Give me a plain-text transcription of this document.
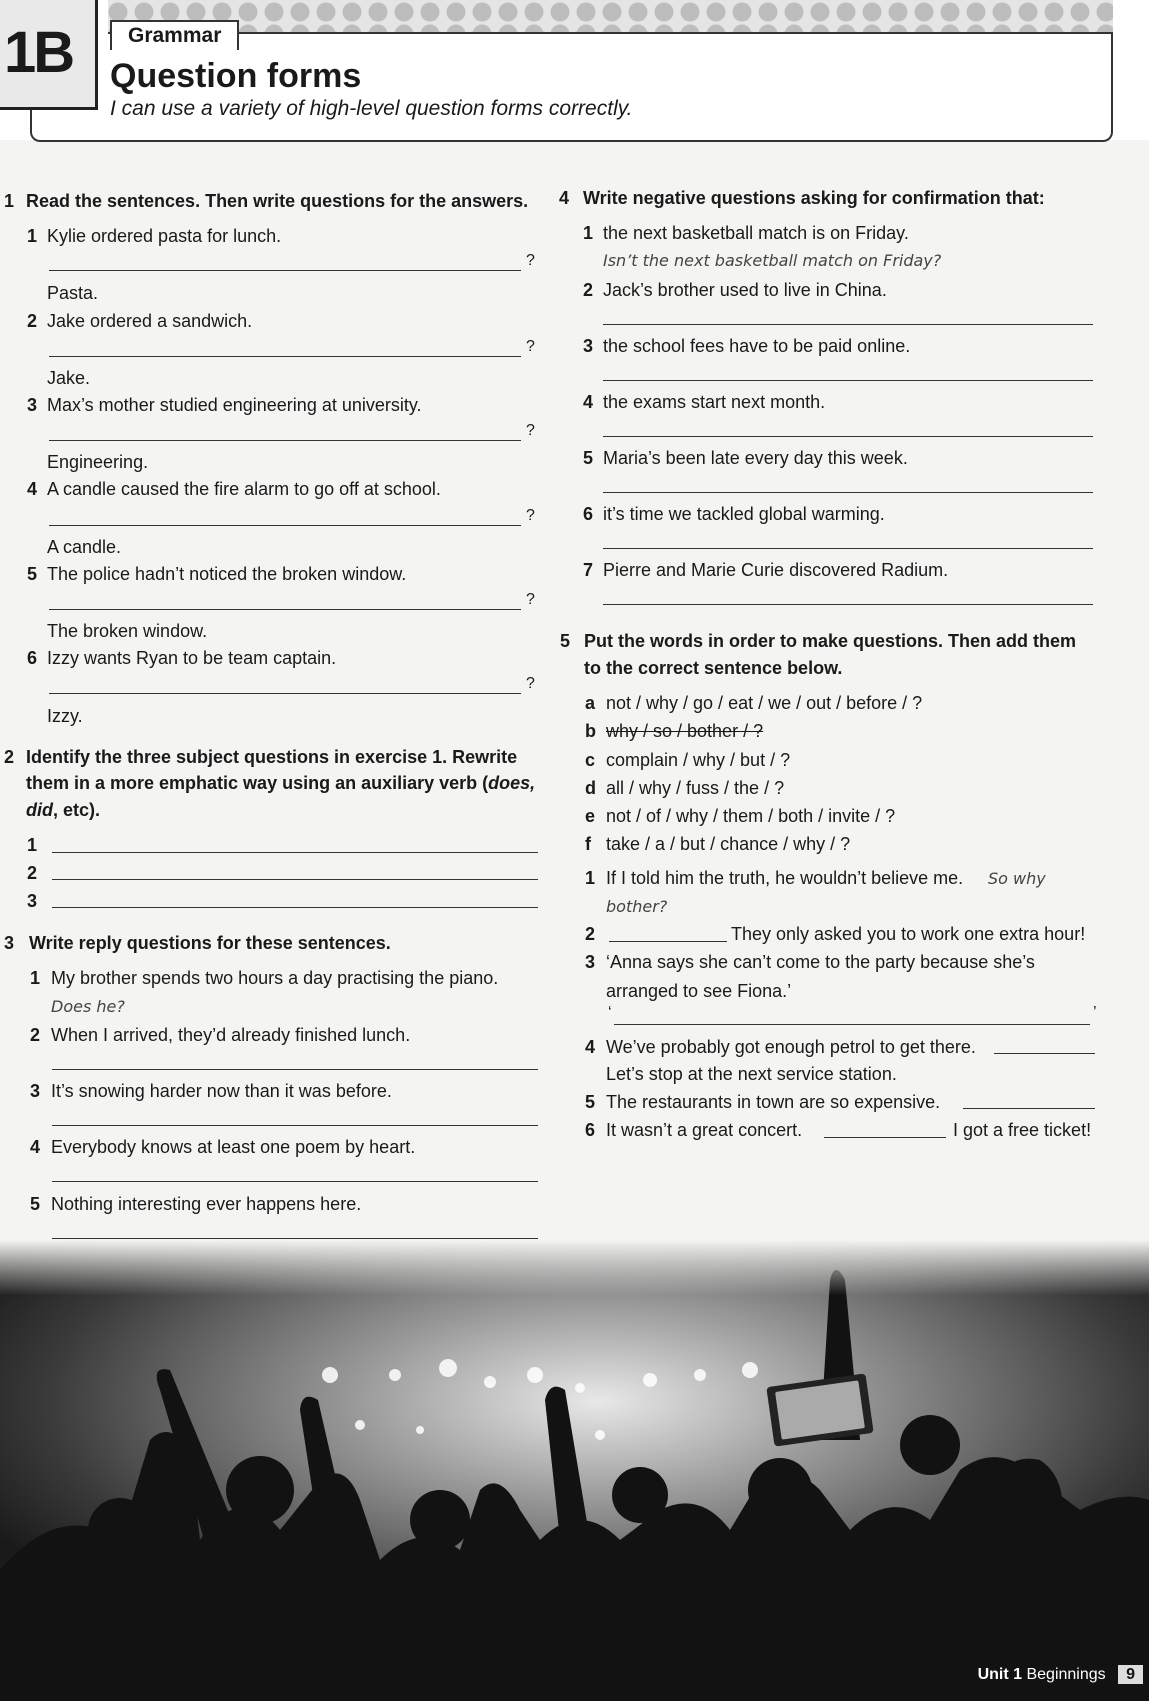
1B	Grammar
Question forms
I can use a variety of high-level question forms correctly.
1 Read the sentences. Then write questions for the answers.
1 Kylie ordered pasta for lunch.
?
Pasta.
2 Jake ordered a sandwich.
?
Jake.
3 Max’s mother studied engineering at university.
?
Engineering.
4 A candle caused the fire alarm to go off at school.
?
A candle.
5 The police hadn’t noticed the broken window.
?
The broken window.
6 Izzy wants Ryan to be team captain.
?
Izzy.
2 Identify the three subject questions in exercise 1. Rewrite
them in a more emphatic way using an auxiliary verb (does,
did, etc).
1
2
3
3 Write reply questions for these sentences.
1 My brother spends two hours a day practising the piano.
Does he?
2 When I arrived, they’d already finished lunch.
3 It’s snowing harder now than it was before.
4 Everybody knows at least one poem by heart.
5 Nothing interesting ever happens here.
4 Write negative questions asking for confirmation that:
1 the next basketball match is on Friday.
Isn’t the next basketball match on Friday?
2 Jack’s brother used to live in China.
3 the school fees have to be paid online.
4 the exams start next month.
5 Maria’s been late every day this week.
6 it’s time we tackled global warming.
7 Pierre and Marie Curie discovered Radium.
5 Put the words in order to make questions. Then add them
to the correct sentence below.
a not / why / go / eat / we / out / before / ?
b why / so / bother / ?
c complain / why / but / ?
d all / why / fuss / the / ?
e not / of / why / them / both / invite / ?
f take / a / but / chance / why / ?
1 If I told him the truth, he wouldn’t believe me. So why
bother?
2	They only asked you to work one extra hour!
3 ‘Anna says she can’t come to the party because she’s
arranged to see Fiona.’
‘	’
4 We’ve probably got enough petrol to get there.
Let’s stop at the next service station.
5 The restaurants in town are so expensive.
6 It wasn’t a great concert.	I got a free ticket!
Unit 1 Beginnings 9
